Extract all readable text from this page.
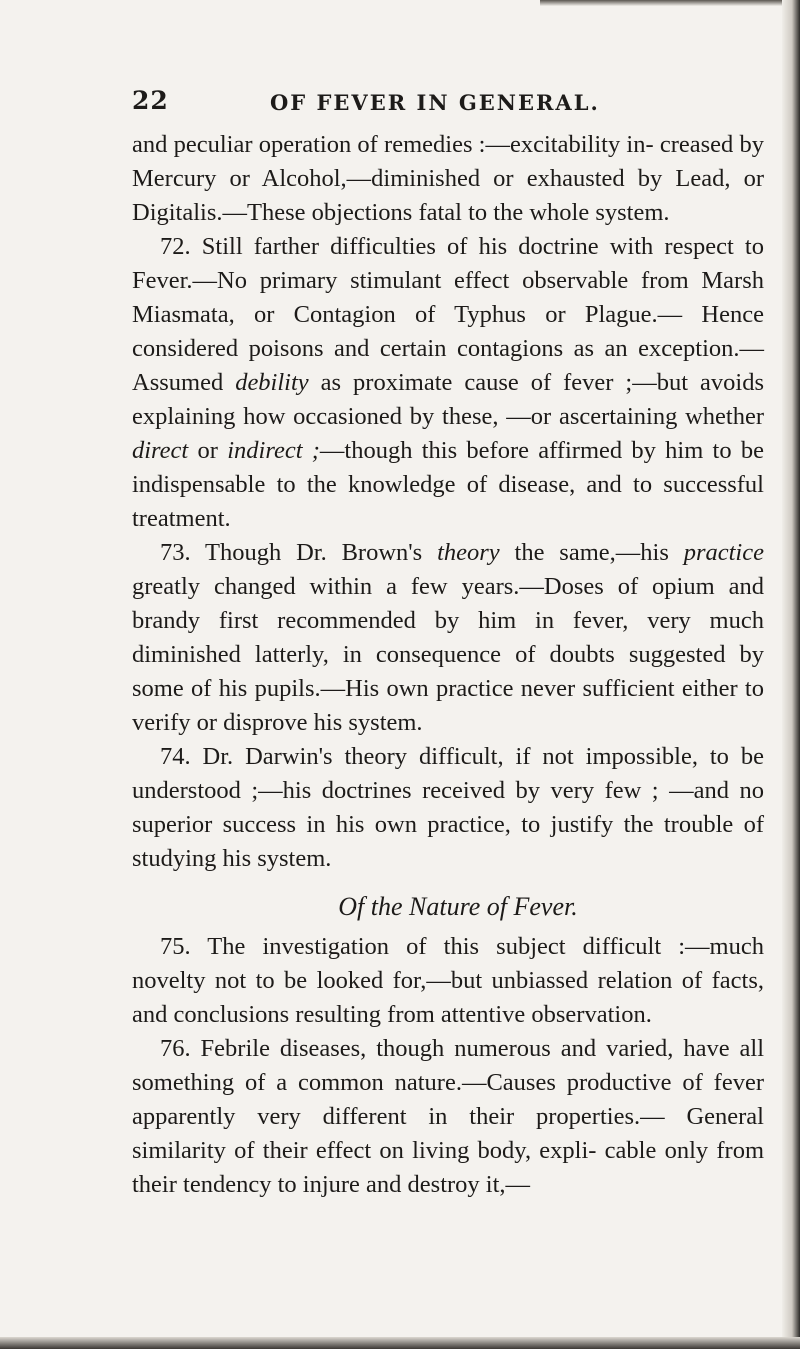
22	OF FEVER IN GENERAL.

and peculiar operation of remedies :—excitability in- creased by Mercury or Alcohol,—diminished or exhausted by Lead, or Digitalis.—These objections fatal to the whole system.

72. Still farther difficulties of his doctrine with respect to Fever.—No primary stimulant effect observable from Marsh Miasmata, or Contagion of Typhus or Plague.— Hence considered poisons and certain contagions as an exception.—Assumed debility as proximate cause of fever ;—but avoids explaining how occasioned by these, —or ascertaining whether direct or indirect ;—though this before affirmed by him to be indispensable to the knowledge of disease, and to successful treatment.

73. Though Dr. Brown's theory the same,—his practice greatly changed within a few years.—Doses of opium and brandy first recommended by him in fever, very much diminished latterly, in consequence of doubts suggested by some of his pupils.—His own practice never sufficient either to verify or disprove his system.

74. Dr. Darwin's theory difficult, if not impossible, to be understood ;—his doctrines received by very few ; —and no superior success in his own practice, to justify the trouble of studying his system.

Of the Nature of Fever.

75. The investigation of this subject difficult :—much novelty not to be looked for,—but unbiassed relation of facts, and conclusions resulting from attentive observation.

76. Febrile diseases, though numerous and varied, have all something of a common nature.—Causes productive of fever apparently very different in their properties.— General similarity of their effect on living body, expli- cable only from their tendency to injure and destroy it,—
